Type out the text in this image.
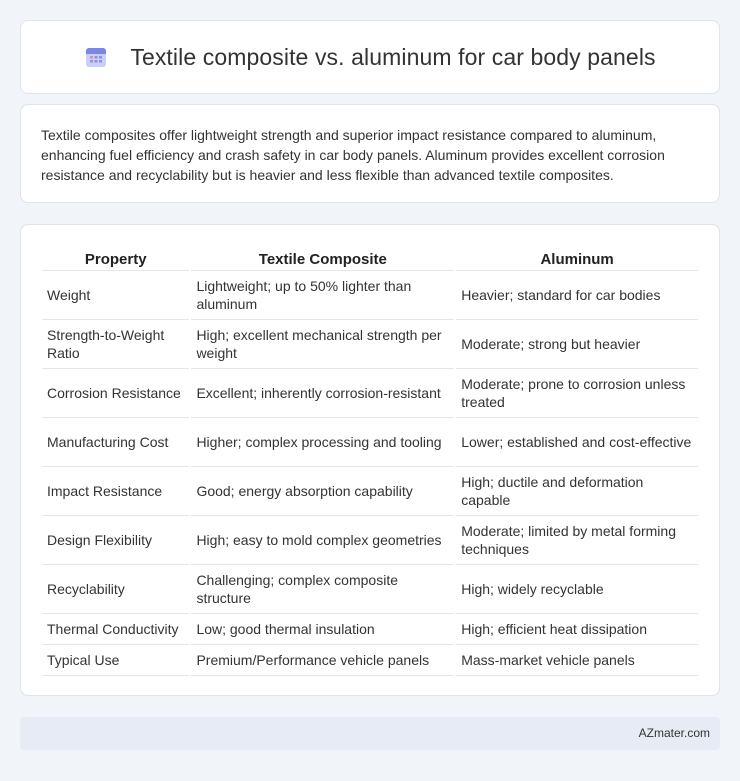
Textile composite vs. aluminum for car body panels

Textile composites offer lightweight strength and superior impact resistance compared to aluminum, enhancing fuel efficiency and crash safety in car body panels. Aluminum provides excellent corrosion resistance and recyclability but is heavier and less flexible than advanced textile composites.

Property	Textile Composite	Aluminum
Weight	Lightweight; up to 50% lighter than aluminum	Heavier; standard for car bodies
Strength-to-Weight Ratio	High; excellent mechanical strength per weight	Moderate; strong but heavier
Corrosion Resistance	Excellent; inherently corrosion-resistant	Moderate; prone to corrosion unless treated
Manufacturing Cost	Higher; complex processing and tooling	Lower; established and cost-effective
Impact Resistance	Good; energy absorption capability	High; ductile and deformation capable
Design Flexibility	High; easy to mold complex geometries	Moderate; limited by metal forming techniques
Recyclability	Challenging; complex composite structure	High; widely recyclable
Thermal Conductivity	Low; good thermal insulation	High; efficient heat dissipation
Typical Use	Premium/Performance vehicle panels	Mass-market vehicle panels
AZmater.com
